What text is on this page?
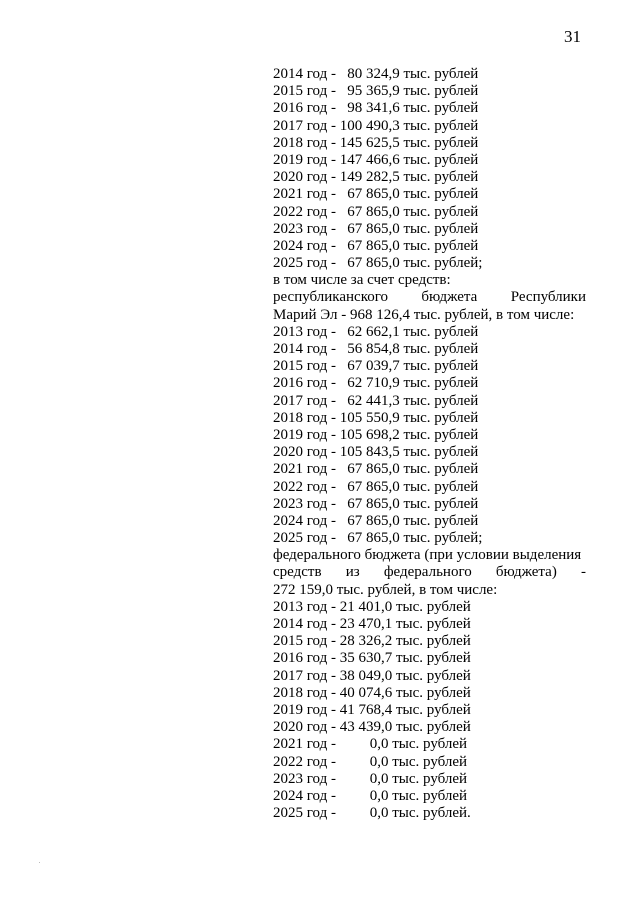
31
2014 год -   80 324,9 тыс. рублей
2015 год -   95 365,9 тыс. рублей
2016 год -   98 341,6 тыс. рублей
2017 год - 100 490,3 тыс. рублей
2018 год - 145 625,5 тыс. рублей
2019 год - 147 466,6 тыс. рублей
2020 год - 149 282,5 тыс. рублей
2021 год -   67 865,0 тыс. рублей
2022 год -   67 865,0 тыс. рублей
2023 год -   67 865,0 тыс. рублей
2024 год -   67 865,0 тыс. рублей
2025 год -   67 865,0 тыс. рублей;
в том числе за счет средств:
республиканского бюджета Республики
Марий Эл - 968 126,4 тыс. рублей, в том числе:
2013 год -   62 662,1 тыс. рублей
2014 год -   56 854,8 тыс. рублей
2015 год -   67 039,7 тыс. рублей
2016 год -   62 710,9 тыс. рублей
2017 год -   62 441,3 тыс. рублей
2018 год - 105 550,9 тыс. рублей
2019 год - 105 698,2 тыс. рублей
2020 год - 105 843,5 тыс. рублей
2021 год -   67 865,0 тыс. рублей
2022 год -   67 865,0 тыс. рублей
2023 год -   67 865,0 тыс. рублей
2024 год -   67 865,0 тыс. рублей
2025 год -   67 865,0 тыс. рублей;
федерального бюджета (при условии выделения
средств из федерального бюджета) -
272 159,0 тыс. рублей, в том числе:
2013 год - 21 401,0 тыс. рублей
2014 год - 23 470,1 тыс. рублей
2015 год - 28 326,2 тыс. рублей
2016 год - 35 630,7 тыс. рублей
2017 год - 38 049,0 тыс. рублей
2018 год - 40 074,6 тыс. рублей
2019 год - 41 768,4 тыс. рублей
2020 год - 43 439,0 тыс. рублей
2021 год -         0,0 тыс. рублей
2022 год -         0,0 тыс. рублей
2023 год -         0,0 тыс. рублей
2024 год -         0,0 тыс. рублей
2025 год -         0,0 тыс. рублей.
